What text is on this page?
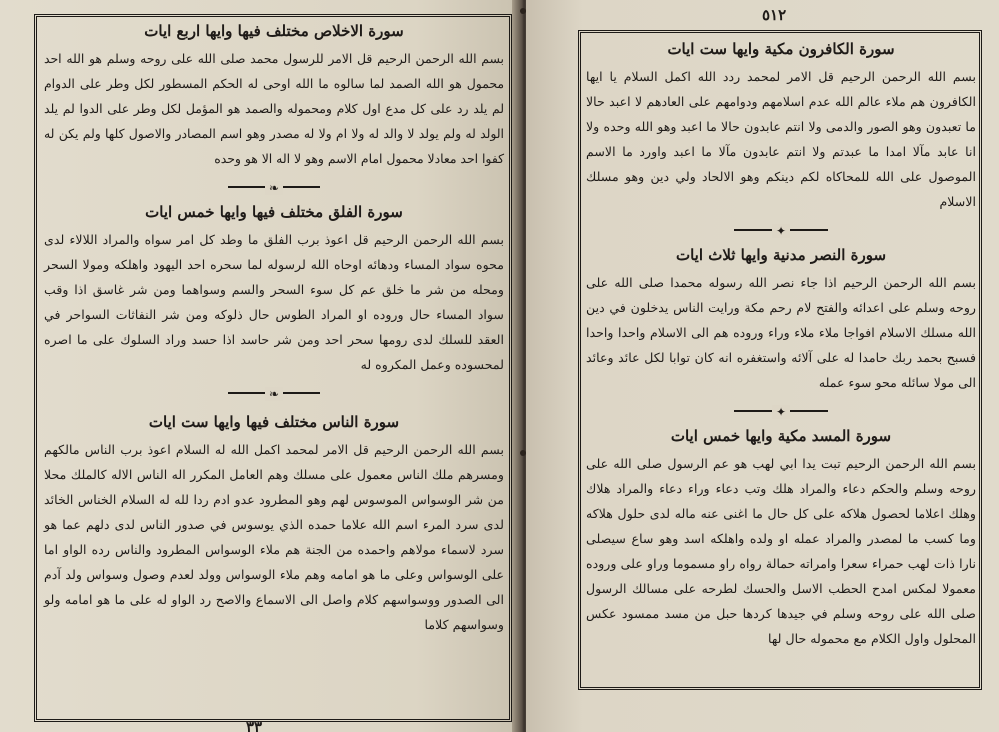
سورة الاخلاص مختلف فيها وايها اربع ايات

بسم الله الرحمن الرحيم قل الامر للرسول محمد صلى الله على روحه وسلم هو الله احد محمول هو الله الصمد لما سالوه ما الله اوحى له الحكم المسطور لكل وطر على الدوام لم يلد رد على كل مدع اول كلام ومحموله والصمد هو المؤمل لكل وطر على الدوا لم يلد الولد له ولم يولد لا والد له ولا ام ولا له مصدر وهو اسم المصادر والاصول كلها ولم يكن له كفوا احد معادلا محمول امام الاسم وهو لا اله الا هو وحده

❧
سورة الفلق مختلف فيها وايها خمس ايات

بسم الله الرحمن الرحيم قل اعوذ برب الفلق ما وطد كل امر سواه والمراد اللالاء لدى محوه سواد المساء ودهائه اوحاه الله لرسوله لما سحره احد اليهود واهلكه ومولا السحر ومحله من شر ما خلق عم كل سوء السحر والسم وسواهما ومن شر غاسق اذا وقب سواد المساء حال وروده او المراد الطوس حال ذلوكه ومن شر النفاثات السواحر في العقد للسلك لدى رومها سحر احد ومن شر حاسد اذا حسد وراد السلوك على ما اصره لمحسوده وعمل المكروه له

❧
سورة الناس مختلف فيها وايها ست ايات

بسم الله الرحمن الرحيم قل الامر لمحمد اكمل الله له السلام اعوذ برب الناس مالكهم ومسرهم ملك الناس معمول على مسلك وهم العامل المكرر اله الناس الاله كالملك محلا من شر الوسواس الموسوس لهم وهو المطرود عدو ادم ردا لله له السلام الخناس الخائد لدى سرد المرء اسم الله علاما حمده الذي يوسوس في صدور الناس لدى دلهم عما هو سرد لاسماء مولاهم واحمده من الجنة هم ملاء الوسواس المطرود والناس رده الواو اما على الوسواس وعلى ما هو امامه وهم ملاء الوسواس وولد لعدم وصول وسواس ولد آدم الى الصدور ووسواسهم كلام واصل الى الاسماع والاصح رد الواو له على ما هو امامه ولو وسواسهم كلاما

٣٣
٥١٢
سورة الكافرون مكية وايها ست ايات

بسم الله الرحمن الرحيم قل الامر لمحمد ردد الله اكمل السلام يا ايها الكافرون هم ملاء عالم الله عدم اسلامهم ودوامهم على العادهم لا اعبد حالا ما تعبدون وهو الصور والدمى ولا انتم عابدون حالا ما اعبد وهو الله وحده ولا انا عابد مآلا امدا ما عبدتم ولا انتم عابدون مآلا ما اعبد واورد ما الاسم الموصول على الله للمحاكاه لكم دينكم وهو الالحاد ولي دين وهو مسلك الاسلام

✦
سورة النصر مدنية وايها ثلاث ايات

بسم الله الرحمن الرحيم اذا جاء نصر الله رسوله محمدا صلى الله على روحه وسلم على اعدائه والفتح لام رحم مكة ورايت الناس يدخلون في دين الله مسلك الاسلام افواجا ملاء ملاء وراء وروده هم الى الاسلام واحدا واحدا فسبح بحمد ربك حامدا له على آلائه واستغفره انه كان توابا لكل عائد وعائد الى مولا سائله محو سوء عمله

✦
سورة المسد مكية وايها خمس ايات

بسم الله الرحمن الرحيم تبت يدا ابي لهب هو عم الرسول صلى الله على روحه وسلم والحكم دعاء والمراد هلك وتب دعاء وراء دعاء والمراد هلاك وهلك اعلاما لحصول هلاكه على كل حال ما اغنى عنه ماله لدى حلول هلاكه وما كسب ما لمصدر والمراد عمله او ولده واهلكه اسد وهو ساع سيصلى نارا ذات لهب حمراء سعرا وامراته حمالة رواه راو مسموما وراو على وروده معمولا لمكس امدح الحطب الاسل والحسك لطرحه على مسالك الرسول صلى الله على روحه وسلم في جيدها كردها حبل من مسد ممسود عكس المحلول واول الكلام مع محموله حال لها
